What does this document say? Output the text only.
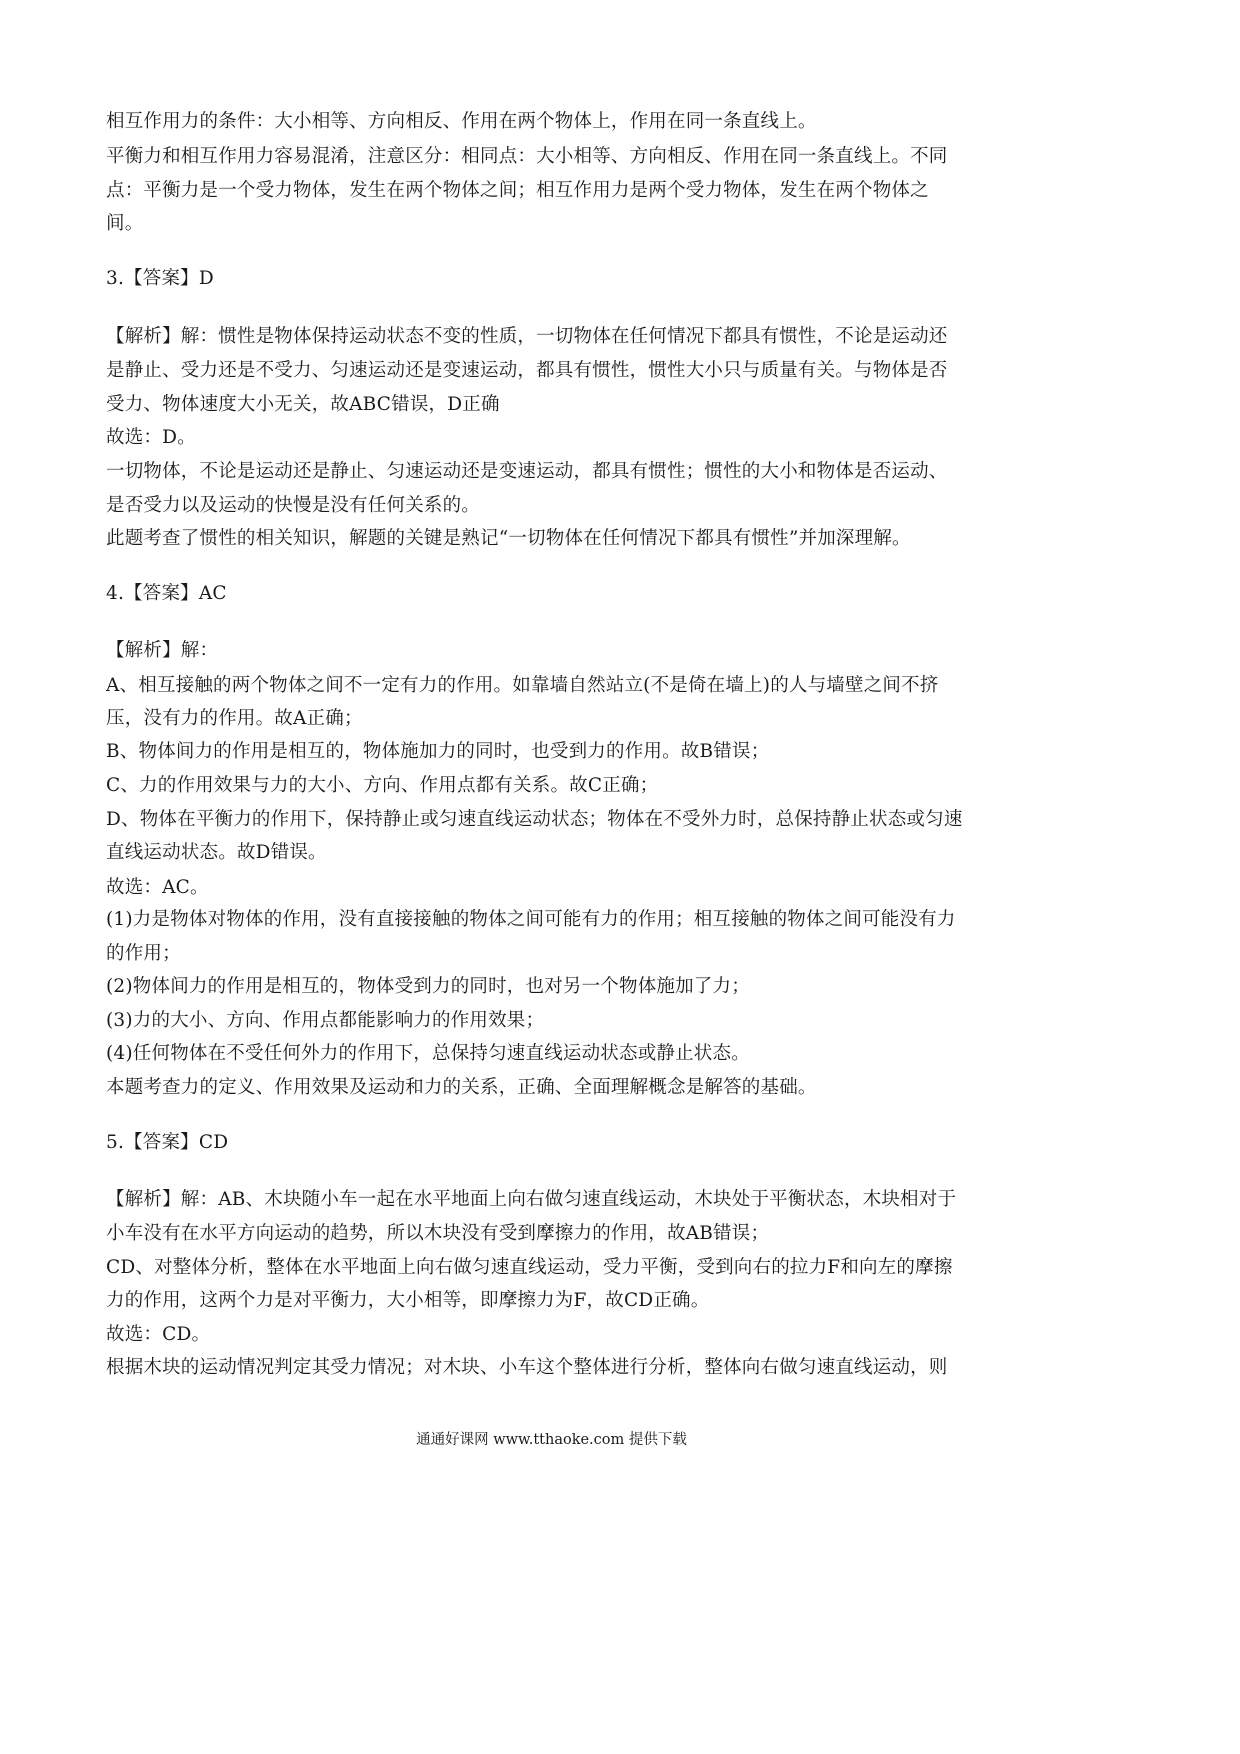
相互作用力的条件：大小相等、方向相反、作用在两个物体上，作用在同一条直线上。
平衡力和相互作用力容易混淆，注意区分：相同点：大小相等、方向相反、作用在同一条直线上。不同
点：平衡力是一个受力物体，发生在两个物体之间；相互作用力是两个受力物体，发生在两个物体之
间。
3.【答案】D
【解析】解：惯性是物体保持运动状态不变的性质，一切物体在任何情况下都具有惯性，不论是运动还
是静止、受力还是不受力、匀速运动还是变速运动，都具有惯性，惯性大小只与质量有关。与物体是否
受力、物体速度大小无关，故ABC错误，D正确
故选：D。
一切物体，不论是运动还是静止、匀速运动还是变速运动，都具有惯性；惯性的大小和物体是否运动、
是否受力以及运动的快慢是没有任何关系的。
此题考查了惯性的相关知识，解题的关键是熟记“一切物体在任何情况下都具有惯性”并加深理解。
4.【答案】AC
【解析】解：
A、相互接触的两个物体之间不一定有力的作用。如靠墙自然站立(不是倚在墙上)的人与墙壁之间不挤
压，没有力的作用。故A正确；
B、物体间力的作用是相互的，物体施加力的同时，也受到力的作用。故B错误；
C、力的作用效果与力的大小、方向、作用点都有关系。故C正确；
D、物体在平衡力的作用下，保持静止或匀速直线运动状态；物体在不受外力时，总保持静止状态或匀速
直线运动状态。故D错误。
故选：AC。
(1)力是物体对物体的作用，没有直接接触的物体之间可能有力的作用；相互接触的物体之间可能没有力
的作用；
(2)物体间力的作用是相互的，物体受到力的同时，也对另一个物体施加了力；
(3)力的大小、方向、作用点都能影响力的作用效果；
(4)任何物体在不受任何外力的作用下，总保持匀速直线运动状态或静止状态。
本题考查力的定义、作用效果及运动和力的关系，正确、全面理解概念是解答的基础。
5.【答案】CD
【解析】解：AB、木块随小车一起在水平地面上向右做匀速直线运动，木块处于平衡状态，木块相对于
小车没有在水平方向运动的趋势，所以木块没有受到摩擦力的作用，故AB错误；
CD、对整体分析，整体在水平地面上向右做匀速直线运动，受力平衡，受到向右的拉力F和向左的摩擦
力的作用，这两个力是对平衡力，大小相等，即摩擦力为F，故CD正确。
故选：CD。
根据木块的运动情况判定其受力情况；对木块、小车这个整体进行分析，整体向右做匀速直线运动，则
通通好课网 www.tthaoke.com 提供下载
